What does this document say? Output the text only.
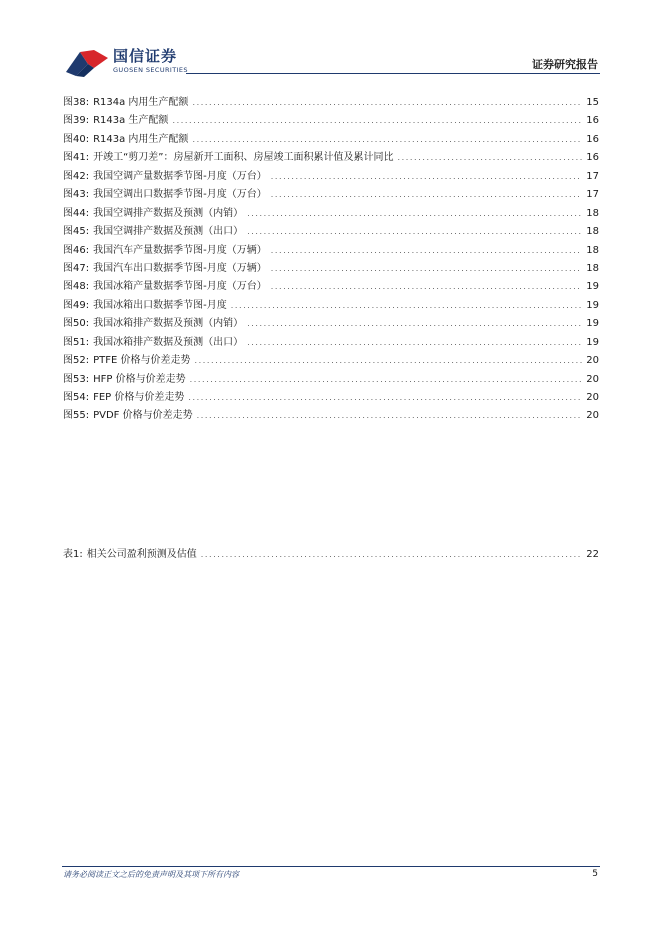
国信证券
GUOSEN SECURITIES	证券研究报告
图38: R134a 内用生产配额 .....	15
图39: R143a 生产配额 .....	16
图40: R143a 内用生产配额 .....	16
图41: 开竣工“剪刀差”：房屋新开工面积、房屋竣工面积累计值及累计同比 .....	16
图42: 我国空调产量数据季节图-月度（万台） .....	17
图43: 我国空调出口数据季节图-月度（万台） .....	17
图44: 我国空调排产数据及预测（内销） .....	18
图45: 我国空调排产数据及预测（出口） .....	18
图46: 我国汽车产量数据季节图-月度（万辆） .....	18
图47: 我国汽车出口数据季节图-月度（万辆） .....	18
图48: 我国冰箱产量数据季节图-月度（万台） .....	19
图49: 我国冰箱出口数据季节图-月度 .....	19
图50: 我国冰箱排产数据及预测（内销） .....	19
图51: 我国冰箱排产数据及预测（出口） .....	19
图52: PTFE 价格与价差走势 .....	20
图53: HFP 价格与价差走势 .....	20
图54: FEP 价格与价差走势 .....	20
图55: PVDF 价格与价差走势 .....	20
表1: 相关公司盈利预测及估值 .....	22
请务必阅读正文之后的免责声明及其项下所有内容	5
